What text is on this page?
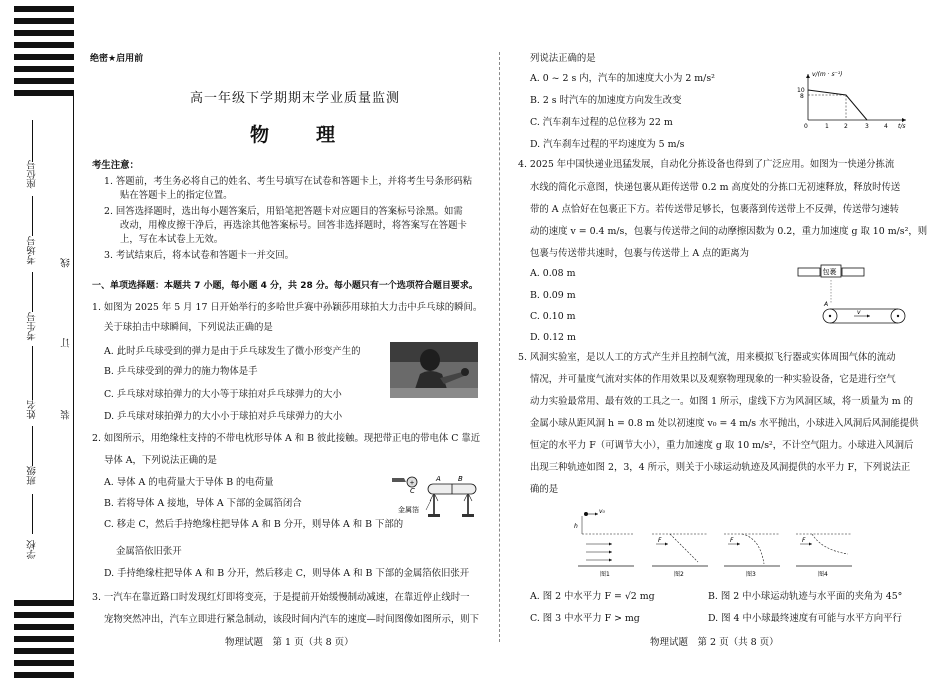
座位号
考场号
考生号
姓名
班级
学校
线
订
装
绝密★启用前
高一年级下学期期末学业质量监测
物　理
考生注意：
1. 答题前，考生务必将自己的姓名、考生号填写在试卷和答题卡上，并将考生号条形码粘
贴在答题卡上的指定位置。
2. 回答选择题时，选出每小题答案后，用铅笔把答题卡对应题目的答案标号涂黑。如需
改动，用橡皮擦干净后，再选涂其他答案标号。回答非选择题时，将答案写在答题卡
上，写在本试卷上无效。
3. 考试结束后，将本试卷和答题卡一并交回。
一、单项选择题：本题共 7 小题，每小题 4 分，共 28 分。每小题只有一个选项符合题目要求。
1. 如图为 2025 年 5 月 17 日开始举行的多哈世乒赛中孙颖莎用球拍大力击中乒乓球的瞬间。
关于球拍击中球瞬间，下列说法正确的是
A. 此时乒乓球受到的弹力是由于乒乓球发生了微小形变产生的
B. 乒乓球受到的弹力的施力物体是手
C. 乒乓球对球拍弹力的大小等于球拍对乒乓球弹力的大小
D. 乒乓球对球拍弹力的大小小于球拍对乒乓球弹力的大小
2. 如图所示，用绝缘柱支持的不带电枕形导体 A 和 B 彼此接触。现把带正电的带电体 C 靠近
导体 A，下列说法正确的是
A. 导体 A 的电荷量大于导体 B 的电荷量
B. 若将导体 A 接地，导体 A 下部的金属箔闭合
C. 移走 C，然后手持绝缘柱把导体 A 和 B 分开，则导体 A 和 B 下部的
金属箔依旧张开
D. 手持绝缘柱把导体 A 和 B 分开，然后移走 C，则导体 A 和 B 下部的金属箔依旧张开
+
C
A B
金属箔
3. 一汽车在靠近路口时发现红灯即将变亮，于是提前开始缓慢制动减速，在靠近停止线时一
宠物突然冲出，汽车立即进行紧急制动，该段时间内汽车的速度—时间图像如图所示，则下
物理试题　第 1 页（共 8 页）
列说法正确的是
A. 0 ~ 2 s 内，汽车的加速度大小为 2 m/s²
B. 2 s 时汽车的加速度方向发生改变
C. 汽车刹车过程的总位移为 22 m
D. 汽车刹车过程的平均速度为 5 m/s
v/(m · s⁻¹)
t/s
10
8
0	1	2	3	4
4. 2025 年中国快递业迅猛发展，自动化分拣设备也得到了广泛应用。如图为一快递分拣流
水线的简化示意图，快递包裹从距传送带 0.2 m 高度处的分拣口无初速释放，释放时传送
带的 A 点恰好在包裹正下方。若传送带足够长，包裹落到传送带上不反弹，传送带匀速转
动的速度 v = 0.4 m/s，包裹与传送带之间的动摩擦因数为 0.2，重力加速度 g 取 10 m/s²，则
包裹与传送带共速时，包裹与传送带上 A 点的距离为
A. 0.08 m
B. 0.09 m
C. 0.10 m
D. 0.12 m
包裹
A
v
5. 风洞实验室，是以人工的方式产生并且控制气流，用来模拟飞行器或实体周围气体的流动
情况，并可量度气流对实体的作用效果以及观察物理现象的一种实验设备，它是进行空气
动力实验最常用、最有效的工具之一。如图 1 所示，虚线下方为风洞区域，将一质量为 m 的
金属小球从距风洞 h = 0.8 m 处以初速度 v₀ = 4 m/s 水平抛出，小球进入风洞后风洞能提供
恒定的水平力 F（可调节大小），重力加速度 g 取 10 m/s²，不计空气阻力。小球进入风洞后
出现三种轨迹如图 2，3，4 所示，则关于小球运动轨迹及风洞提供的水平力 F，下列说法正
确的是
v₀
h
图1
F
图2
F
图3
F
图4
A. 图 2 中水平力 F = √2 mg	B. 图 2 中小球运动轨迹与水平面的夹角为 45°
C. 图 3 中水平力 F > mg	D. 图 4 中小球最终速度有可能与水平方向平行
物理试题　第 2 页（共 8 页）
